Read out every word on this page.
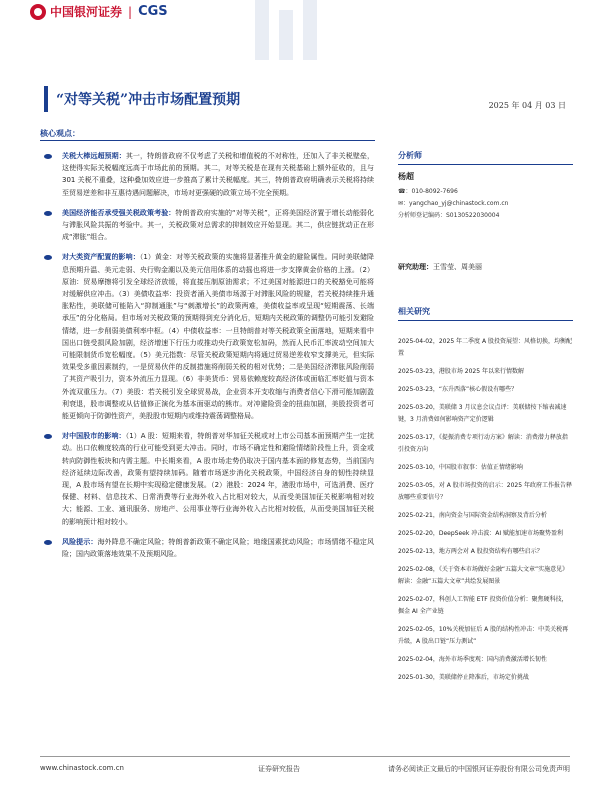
中国银河证券 | CGS
“对等关税”冲击市场配置预期	2025 年 04 月 03 日
核心观点：
关税大棒远超预期：其一，特朗普政府不仅考虑了关税和增值税的不对称性，还加入了非关税壁垒，这使得实际关税幅度远高于市场此前的预期。其二，对等关税是在现有关税基础上额外征收的，且与 301 关税不重叠，这种叠加效应进一步推高了累计关税幅度。其三，特朗普政府明确表示关税将持续至贸易逆差和非互惠待遇问题解决，市场对更强硬的政策立场不完全预期。
美国经济能否承受强关税政策考验：特朗普政府实施的“对等关税”，正将美国经济置于增长动能弱化与滞胀风险共振的考验中。其一，关税政策对总需求的抑制效应开始显现。其二，供应链扰动正在形成“滞胀”组合。
对大类资产配置的影响：（1）黄金：对等关税政策的实施将显著推升黄金的避险属性。同时美联储降息预期升温、美元走弱、央行购金潮以及美元信用体系的动摇也将进一步支撑黄金价格的上涨。（2）原油：贸易摩擦将引发全球经济放缓，将直接压制原油需求；不过美国对能源进口的关税豁免可能将对缓解供应冲击。（3）美债收益率：投资者涌入美债市场源于对滞胀风险的规避，若关税持续推升通胀粘性，美联储可能陷入“抑制通胀”与“刺激增长”的政策两难，美债收益率或呈现“短期震荡、长端承压”的分化格局。但市场对关税政策的预期得到充分消化后，短期内关税政策的调整仍可能引发避险情绪，进一步削弱美债利率中枢。（4）中债收益率：一旦特朗普对等关税政策全面落地，短期来看中国出口链受损风险加剧，经济增速下行压力或推动央行政策宽松加码，然而人民币汇率波动空间加大可能限制货币宽松幅度。（5）美元指数：尽管关税政策短期内将通过贸易逆差收窄支撑美元，但实际效果受多重因素制约，一是贸易伙伴的反制措施将削弱关税的相对优势；二是美国经济滞胀风险削弱了其资产吸引力，资本外流压力显现。（6）非美货币：贸易依赖度较高经济体或面临汇率贬值与资本外流双重压力。（7）美股：若关税引发全球贸易战，企业资本开支收缩与消费者信心下滑可能加剧盈利衰退，股市调整或从估值修正演化为基本面驱动的熊市。对冲避险资金的扭曲加剧，美股投资者可能更倾向于防御性资产，美股股市短期内或维持震荡调整格局。
对中国股市的影响：（1）A 股：短期来看，特朗普对华加征关税或对上市公司基本面预期产生一定扰动。出口依赖度较高的行业可能受到更大冲击。同时，市场不确定性和避险情绪阶段性上升，资金或转向防御性板块和内需主题。中长期来看，A 股市场走势仍取决于国内基本面的修复态势，当前国内经济延续边际改善，政策有望持续加码。随着市场逐步消化关税政策，中国经济自身的韧性持续显现，A 股市场有望在长期中实现稳定健康发展。（2）港股：2024 年，港股市场中，可选消费、医疗保健、材料、信息技术、日常消费等行业海外收入占比相对较大，从而受美国加征关税影响相对较大；能源、工业、通讯服务、房地产、公用事业等行业海外收入占比相对较低，从而受美国加征关税的影响预计相对较小。
风险提示：海外降息不确定风险；特朗普新政策不确定风险；地缘国素扰动风险；市场情绪不稳定风险；国内政策落地效果不及预期风险。
分析师
杨超
☎：010-8092-7696
✉：yangchao_yj@chinastock.com.cn
分析师登记编码：S0130522030004
研究助理：王雪莹、周美丽
相关研究
2025-04-02，2025 年二季度 A 股投资展望：风格切换，均衡配置
2025-03-23，港股市场 2025 年以来行情数解
2025-03-23，“东升西落”核心假设有哪些？
2025-03-20，美联储 3 月议息会议点评：美联储按下缩表减速键，3 月消费如何影响资产定价逻辑
2025-03-17，《提振消费专项行动方案》解读：消费潜力释放指引投资方向
2025-03-10，中国股市叙事：估值正情绪影响
2025-03-05，对 A 股市场投资的启示：2025 年政府工作报告释放哪些重要信号？
2025-02-21，南向资金与国际资金结构洞察及背后分析
2025-02-20，DeepSeek 冲击波：AI 赋能加速市场聚势盈利
2025-02-13，地方两会对 A 股投资结构有哪些启示？
2025-02-08，《关于资本市场做好金融“五篇大文章”实施意见》解读：金融“五篇大文章”共绘发展图景
2025-02-07，科创人工智能 ETF 投资价值分析：聚焦硬科技，掘金 AI 全产业链
2025-02-05，10%关税加征后 A 股的结构性冲击：中美关税再升级，A 股出口链“压力测试”
2025-02-04，海外市场季度观：国内消费激活增长韧性
2025-01-30，美联储停止降准后，市场定价挑战
www.chinastock.com.cn	证券研究报告	请务必阅读正文最后的中国银河证券股份有限公司免责声明
